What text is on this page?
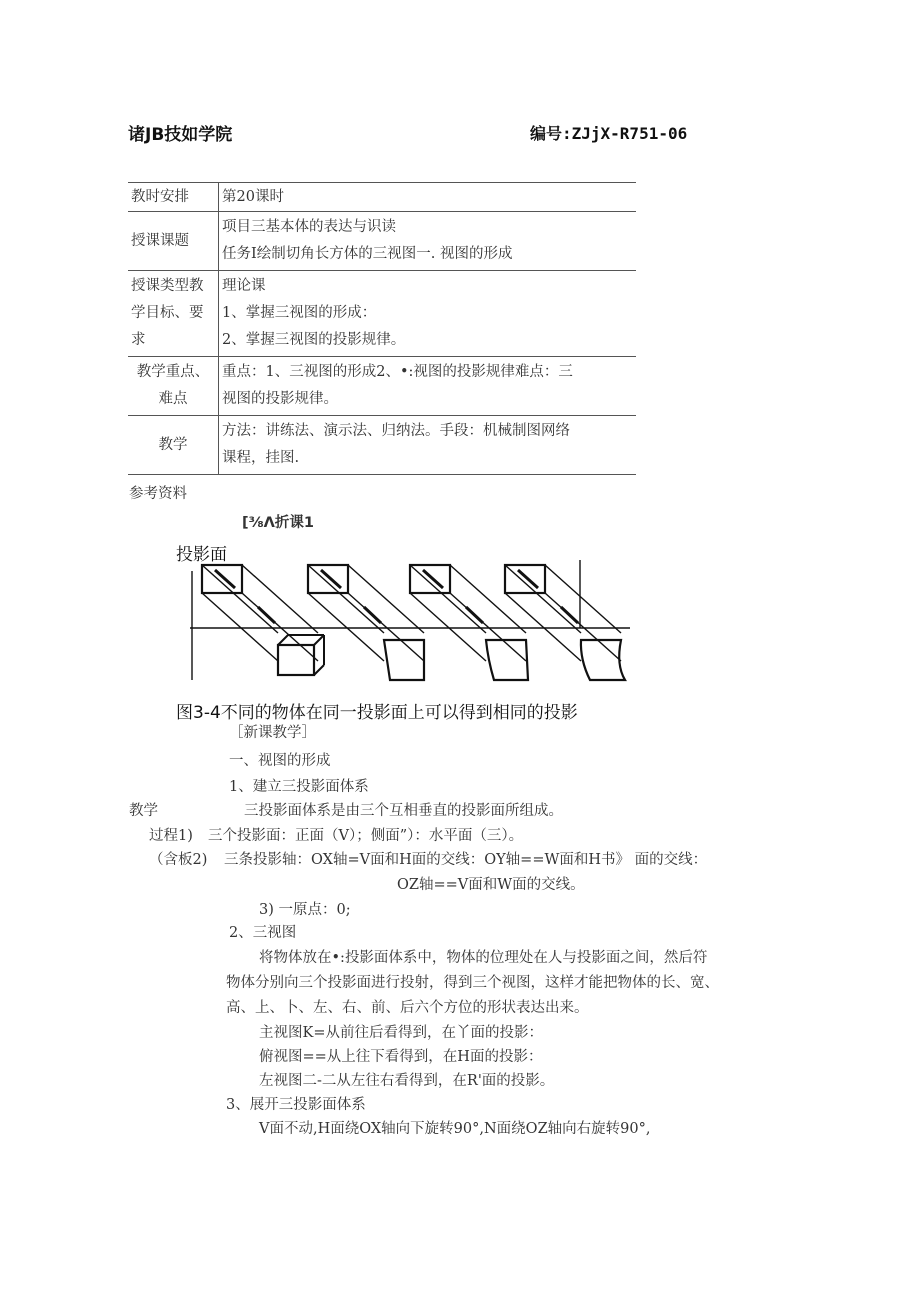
诸JB技如学院	编号:ZJjX-R751-06
教时安排	第20课时
授课课题	项目三基本体的表达与识读
任务I绘制切角长方体的三视图一. 视图的形成

授课类型教学目标、要求	理论课
1、掌握三视图的形成：
2、掌握三视图的投影规律。

教学重点、难点	重点：1、三视图的形成2、•:视图的投影规律难点：三
视图的投影规律。

教学	方法：讲练法、演示法、归纳法。手段：机械制图网络
课程，挂图.
参考资料
[⅜Λ折课1
投影面
图3-4不同的物体在同一投影面上可以得到相同的投影
［新课教学］
一、视图的形成
1、建立三投影面体系
教学	三投影面体系是由三个互相垂直的投影面所组成。
过程1) 三个投影面：正面（V）；侧面”）：水平面（三）。
（含板2) 三条投影轴：OX轴=V面和H面的交线：OY轴==W面和H书》 面的交线：
OZ轴==V面和W面的交线。
3) 一原点：0;
2、三视图
将物体放在•:投影面体系中，物体的位理处在人与投影面之间，然后符
物体分别向三个投影面进行投射，得到三个视图，这样才能把物体的长、宽、
高、上、卜、左、右、前、后六个方位的形状表达出来。
主视图K=从前往后看得到，在丫面的投影：
俯视图==从上往下看得到，在H面的投影：
左视图二-二从左往右看得到，在R'面的投影。
3、展开三投影面体系
V面不动,H面绕OX轴向下旋转90°,N面绕OZ轴向右旋转90°,
